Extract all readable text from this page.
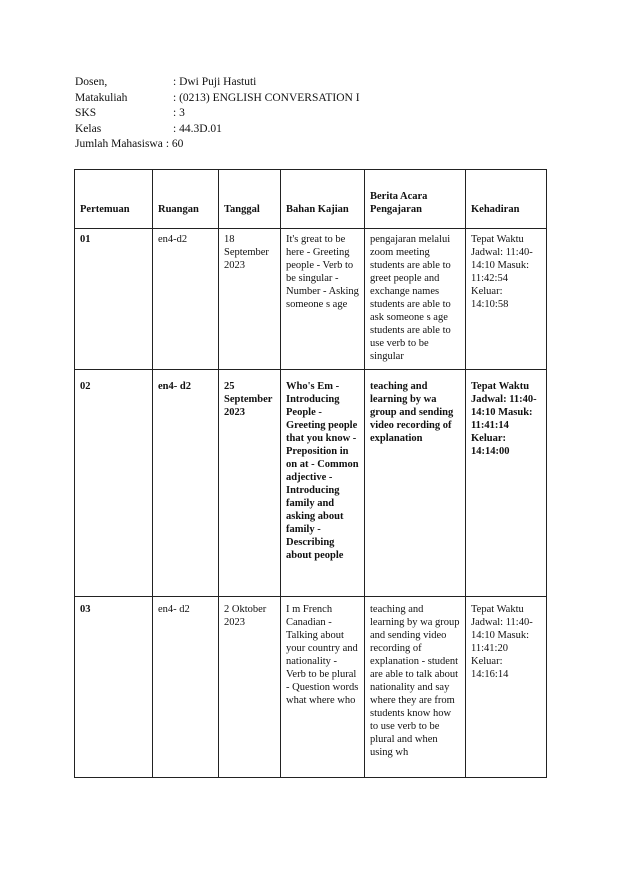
Dosen,	: Dwi Puji Hastuti
Matakuliah	: (0213) ENGLISH CONVERSATION I
SKS	: 3
Kelas	: 44.3D.01
Jumlah Mahasiswa : 60
Pertemuan	Ruangan	Tanggal	Bahan Kajian	Berita Acara Pengajaran	Kehadiran
01	en4-d2	18 September 2023	It's great to be here - Greeting people - Verb to be singular - Number - Asking someone s age	pengajaran melalui zoom meeting students are able to greet people and exchange names students are able to ask someone s age students are able to use verb to be singular	Tepat Waktu Jadwal: 11:40-14:10 Masuk: 11:42:54 Keluar: 14:10:58
02	en4- d2	25 September 2023	Who's Em - Introducing People - Greeting people that you know - Preposition in on at - Common adjective - Introducing family and asking about family - Describing about people	teaching and learning by wa group and sending video recording of explanation	Tepat Waktu Jadwal: 11:40-14:10 Masuk: 11:41:14 Keluar: 14:14:00
03	en4- d2	2 Oktober 2023	I m French Canadian - Talking about your country and nationality - Verb to be plural - Question words what where who	teaching and learning by wa group and sending video recording of explanation - student are able to talk about nationality and say where they are from students know how to use verb to be plural and when using wh	Tepat Waktu Jadwal: 11:40-14:10 Masuk: 11:41:20 Keluar: 14:16:14
